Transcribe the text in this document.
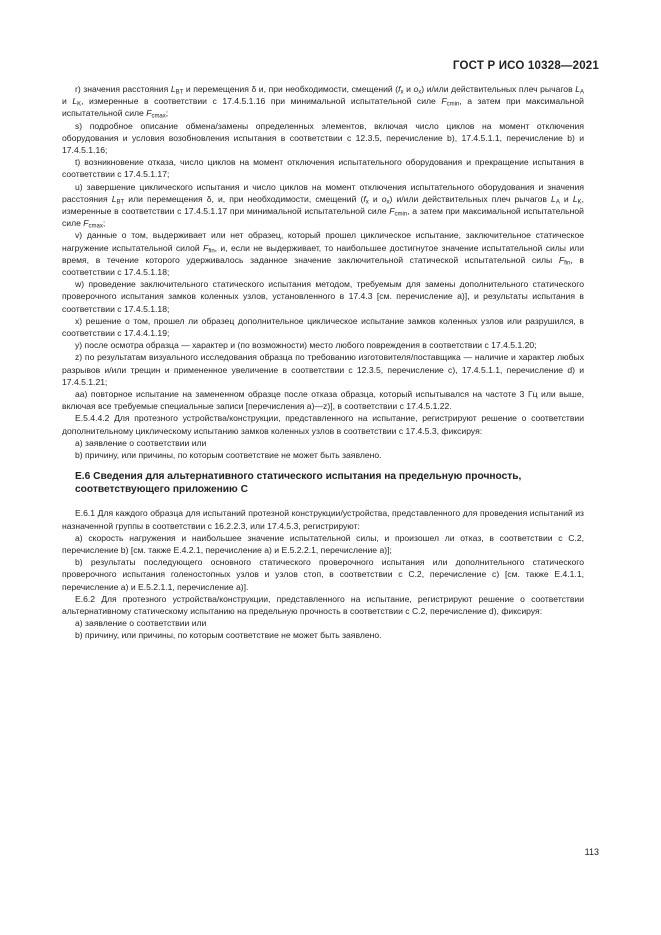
ГОСТ Р ИСО 10328—2021

r) значения расстояния $L_{BT}$ и перемещения δ и, при необходимости, смещений ($f_x$ и $o_x$) и/или действительных плеч рычагов $L_A$ и $L_K$, измеренные в соответствии с 17.4.5.1.16 при минимальной испытательной силе $F_{cmin}$, а затем при максимальной испытательной силе $F_{cmax}$;

s) подробное описание обмена/замены определенных элементов, включая число циклов на момент отключения оборудования и условия возобновления испытания в соответствии с 12.3.5, перечисление b), 17.4.5.1.1, перечисление b) и 17.4.5.1.16;

t) возникновение отказа, число циклов на момент отключения испытательного оборудования и прекращение испытания в соответствии с 17.4.5.1.17;

u) завершение циклического испытания и число циклов на момент отключения испытательного оборудования и значения расстояния $L_{BT}$ или перемещения δ, и, при необходимости, смещений ($f_x$ и $o_x$) и/или действительных плеч рычагов $L_A$ и $L_K$, измеренные в соответствии с 17.4.5.1.17 при минимальной испытательной силе $F_{cmin}$, а затем при максимальной испытательной силе $F_{cmax}$;

v) данные о том, выдерживает или нет образец, который прошел циклическое испытание, заключительное статическое нагружение испытательной силой $F_{fin}$, и, если не выдерживает, то наибольшее достигнутое значение испытательной силы или время, в течение которого удерживалось заданное значение заключительной статической испытательной силы $F_{fin}$, в соответствии с 17.4.5.1.18;

w) проведение заключительного статического испытания методом, требуемым для замены дополнительного статического проверочного испытания замков коленных узлов, установленного в 17.4.3 [см. перечисление а)], и результаты испытания в соответствии с 17.4.5.1.18;

x) решение о том, прошел ли образец дополнительное циклическое испытание замков коленных узлов или разрушился, в соответствии с 17.4.4.1.19;

y) после осмотра образца — характер и (по возможности) место любого повреждения в соответствии с 17.4.5.1.20;

z) по результатам визуального исследования образца по требованию изготовителя/поставщика — наличие и характер любых разрывов и/или трещин и примененное увеличение в соответствии с 12.3.5, перечисление с), 17.4.5.1.1, перечисление d) и 17.4.5.1.21;

аа) повторное испытание на замененном образце после отказа образца, который испытывался на частоте 3 Гц или выше, включая все требуемые специальные записи [перечисления а)—z)], в соответствии с 17.4.5.1.22.

Е.5.4.4.2 Для протезного устройства/конструкции, представленного на испытание, регистрируют решение о соответствии дополнительному циклическому испытанию замков коленных узлов в соответствии с 17.4.5.3, фиксируя:

а) заявление о соответствии или

b) причину, или причины, по которым соответствие не может быть заявлено.

Е.6 Сведения для альтернативного статического испытания на предельную прочность, соответствующего приложению С

Е.6.1 Для каждого образца для испытаний протезной конструкции/устройства, представленного для проведения испытаний из назначенной группы в соответствии с 16.2.2.3, или 17.4.5.3, регистрируют:

а) скорость нагружения и наибольшее значение испытательной силы, и произошел ли отказ, в соответствии с С.2, перечисление b) [см. также Е.4.2.1, перечисление а) и Е.5.2.2.1, перечисление а)];

b) результаты последующего основного статического проверочного испытания или дополнительного статического проверочного испытания голеностопных узлов и узлов стоп, в соответствии с С.2, перечисление с) [см. также Е.4.1.1, перечисление а) и Е.5.2.1.1, перечисление а)].

Е.6.2 Для протезного устройства/конструкции, представленного на испытание, регистрируют решение о соответствии альтернативному статическому испытанию на предельную прочность в соответствии с С.2, перечисление d), фиксируя:

а) заявление о соответствии или

b) причину, или причины, по которым соответствие не может быть заявлено.

113
